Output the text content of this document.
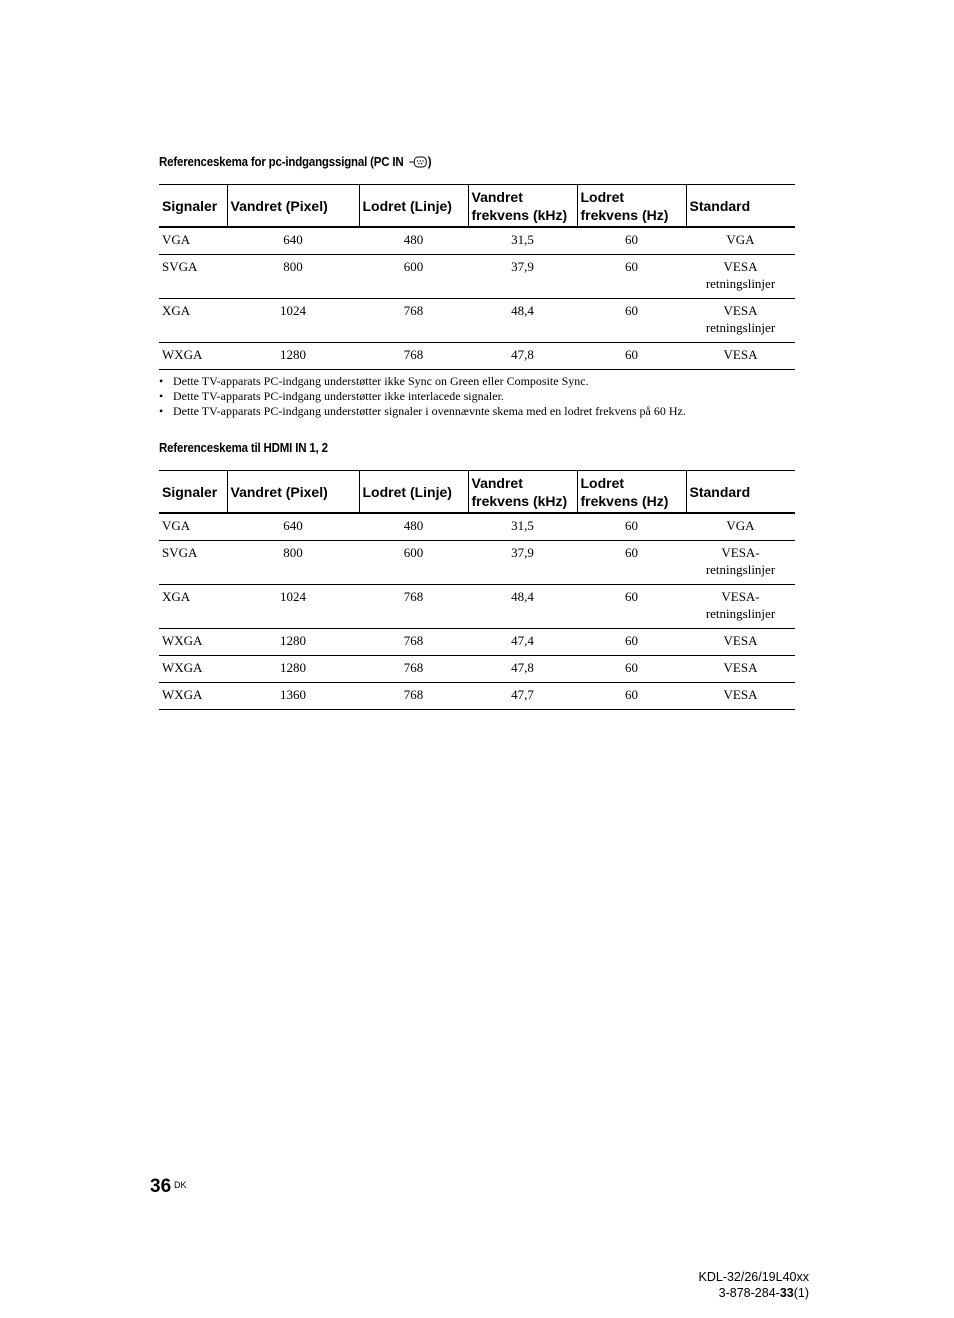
Referenceskema for pc-indgangssignal (PC IN )
Signaler	Vandret (Pixel)	Lodret (Linje)	Vandret frekvens (kHz)	Lodret frekvens (Hz)	Standard
VGA	640	480	31,5	60	VGA
SVGA	800	600	37,9	60	VESA
retningslinjer
XGA	1024	768	48,4	60	VESA
retningslinjer
WXGA	1280	768	47,8	60	VESA
• Dette TV-apparats PC-indgang understøtter ikke Sync on Green eller Composite Sync.
• Dette TV-apparats PC-indgang understøtter ikke interlacede signaler.
• Dette TV-apparats PC-indgang understøtter signaler i ovennævnte skema med en lodret frekvens på 60 Hz.
Referenceskema til HDMI IN 1, 2
Signaler	Vandret (Pixel)	Lodret (Linje)	Vandret frekvens (kHz)	Lodret frekvens (Hz)	Standard
VGA	640	480	31,5	60	VGA
SVGA	800	600	37,9	60	VESA-
retningslinjer
XGA	1024	768	48,4	60	VESA-
retningslinjer
WXGA	1280	768	47,4	60	VESA
WXGA	1280	768	47,8	60	VESA
WXGA	1360	768	47,7	60	VESA
36 DK
KDL-32/26/19L40xx
3-878-284-33(1)
